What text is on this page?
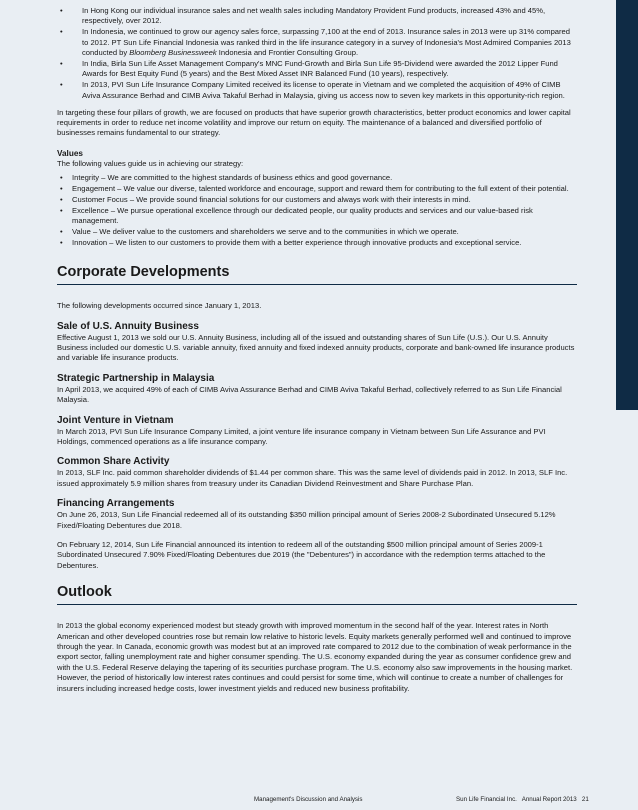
• In Hong Kong our individual insurance sales and net wealth sales including Mandatory Provident Fund products, increased 43% and 45%, respectively, over 2012.
• In Indonesia, we continued to grow our agency sales force, surpassing 7,100 at the end of 2013. Insurance sales in 2013 were up 31% compared to 2012. PT Sun Life Financial Indonesia was ranked third in the life insurance category in a survey of Indonesia's Most Admired Companies 2013 conducted by Bloomberg Businessweek Indonesia and Frontier Consulting Group.
• In India, Birla Sun Life Asset Management Company's MNC Fund-Growth and Birla Sun Life 95-Dividend were awarded the 2012 Lipper Fund Awards for Best Equity Fund (5 years) and the Best Mixed Asset INR Balanced Fund (10 years), respectively.
• In 2013, PVI Sun Life Insurance Company Limited received its license to operate in Vietnam and we completed the acquisition of 49% of CIMB Aviva Assurance Berhad and CIMB Aviva Takaful Berhad in Malaysia, giving us access now to seven key markets in this opportunity-rich region.

In targeting these four pillars of growth, we are focused on products that have superior growth characteristics, better product economics and lower capital requirements in order to reduce net income volatility and improve our return on equity. The maintenance of a balanced and diversified portfolio of businesses remains fundamental to our strategy.

Values

The following values guide us in achieving our strategy:

• Integrity – We are committed to the highest standards of business ethics and good governance.
• Engagement – We value our diverse, talented workforce and encourage, support and reward them for contributing to the full extent of their potential.
• Customer Focus – We provide sound financial solutions for our customers and always work with their interests in mind.
• Excellence – We pursue operational excellence through our dedicated people, our quality products and services and our value-based risk management.
• Value – We deliver value to the customers and shareholders we serve and to the communities in which we operate.
• Innovation – We listen to our customers to provide them with a better experience through innovative products and exceptional service.
Corporate Developments

The following developments occurred since January 1, 2013.

Sale of U.S. Annuity Business

Effective August 1, 2013 we sold our U.S. Annuity Business, including all of the issued and outstanding shares of Sun Life (U.S.). Our U.S. Annuity Business included our domestic U.S. variable annuity, fixed annuity and fixed indexed annuity products, corporate and bank-owned life insurance products and variable life insurance products.

Strategic Partnership in Malaysia

In April 2013, we acquired 49% of each of CIMB Aviva Assurance Berhad and CIMB Aviva Takaful Berhad, collectively referred to as Sun Life Financial Malaysia.

Joint Venture in Vietnam

In March 2013, PVI Sun Life Insurance Company Limited, a joint venture life insurance company in Vietnam between Sun Life Assurance and PVI Holdings, commenced operations as a life insurance company.

Common Share Activity

In 2013, SLF Inc. paid common shareholder dividends of $1.44 per common share. This was the same level of dividends paid in 2012. In 2013, SLF Inc. issued approximately 5.9 million shares from treasury under its Canadian Dividend Reinvestment and Share Purchase Plan.

Financing Arrangements

On June 26, 2013, Sun Life Financial redeemed all of its outstanding $350 million principal amount of Series 2008-2 Subordinated Unsecured 5.12% Fixed/Floating Debentures due 2018.

On February 12, 2014, Sun Life Financial announced its intention to redeem all of the outstanding $500 million principal amount of Series 2009-1 Subordinated Unsecured 7.90% Fixed/Floating Debentures due 2019 (the "Debentures") in accordance with the redemption terms attached to the Debentures.

Outlook

In 2013 the global economy experienced modest but steady growth with improved momentum in the second half of the year. Interest rates in North American and other developed countries rose but remain low relative to historic levels. Equity markets generally performed well and continued to improve through the year. In Canada, economic growth was modest but at an improved rate compared to 2012 due to the combination of weak performance in the export sector, falling unemployment rate and higher consumer spending. The U.S. economy expanded during the year as consumer confidence grew and with the U.S. Federal Reserve delaying the tapering of its securities purchase program. The U.S. economy also saw improvements in the housing market. However, the period of historically low interest rates continues and could persist for some time, which will continue to create a number of challenges for insurers including increased hedge costs, lower investment yields and reduced new business profitability.

Management's Discussion and Analysis	Sun Life Financial Inc.   Annual Report 2013   21
